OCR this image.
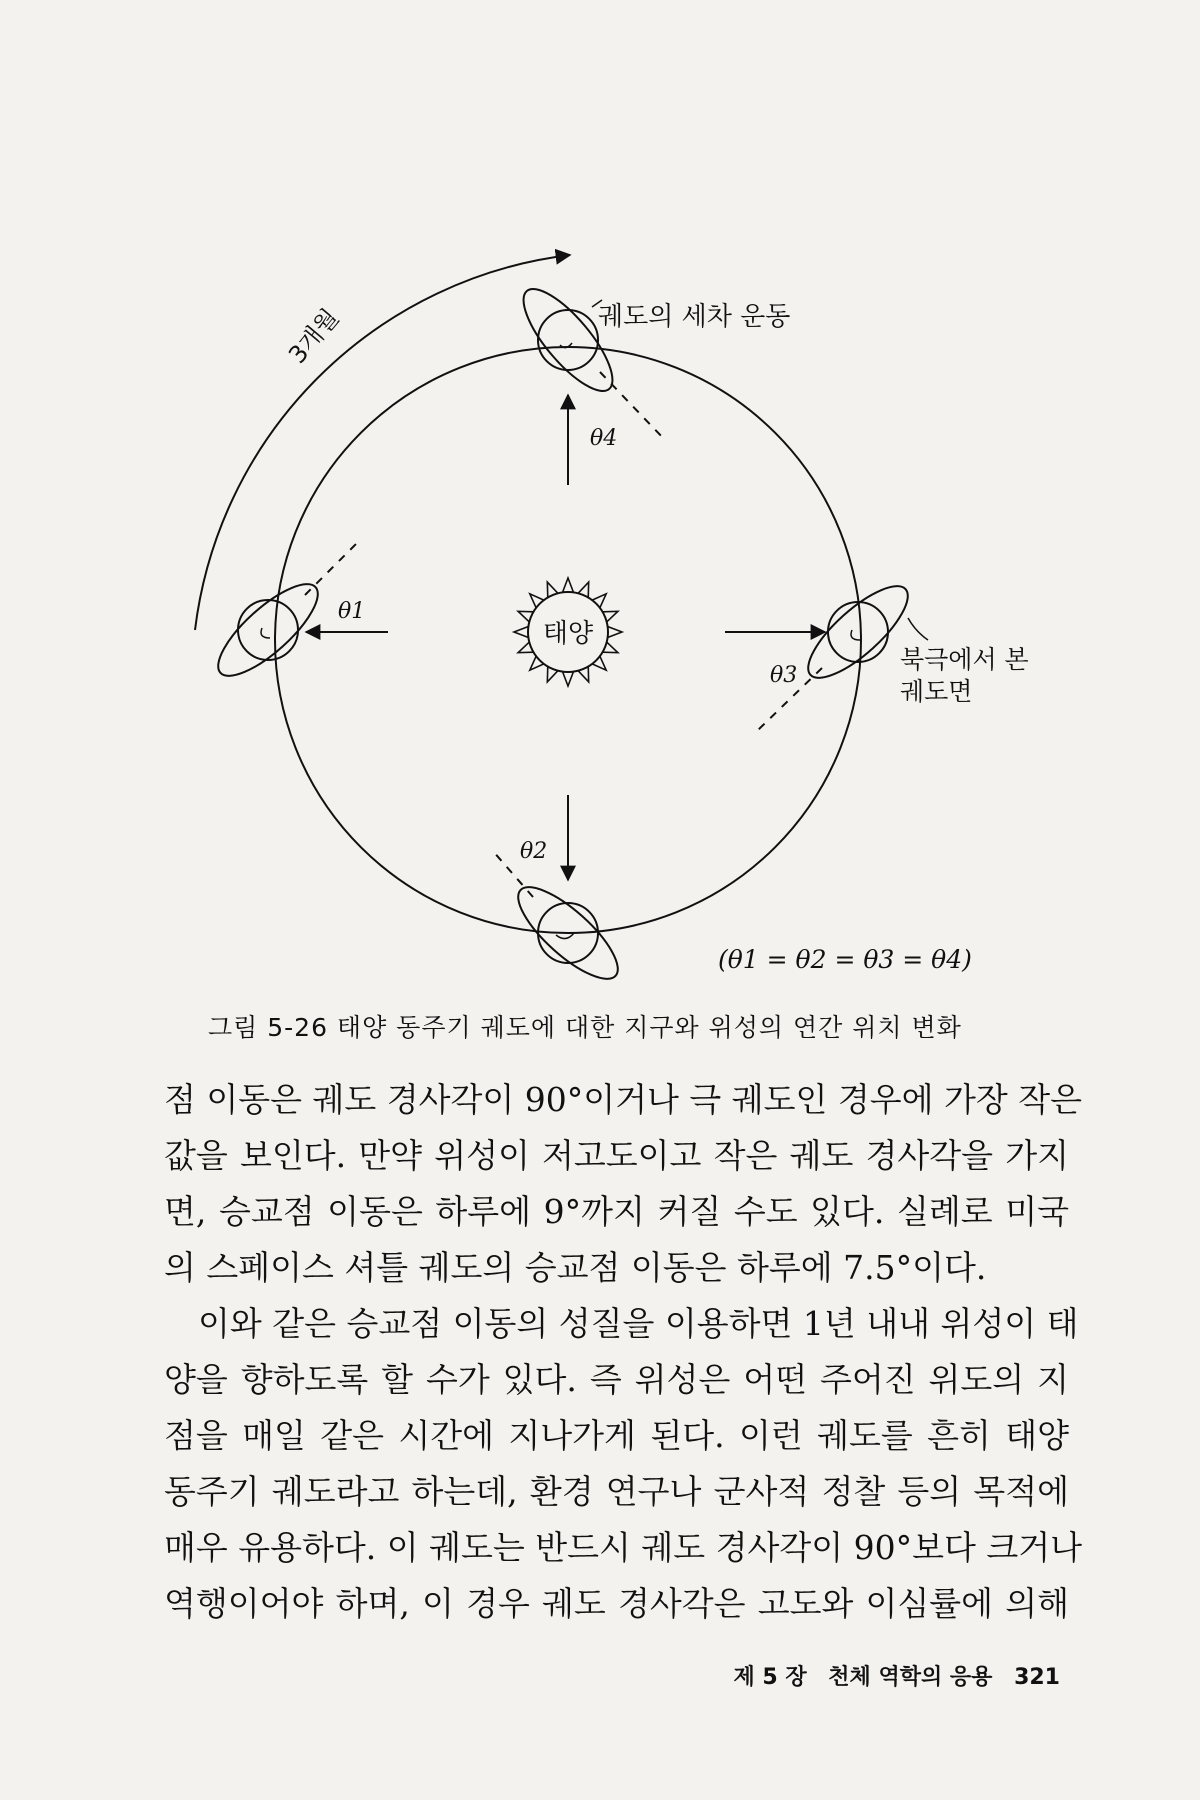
3개월
태양
θ4
궤도의 세차 운동
θ1
θ3
북극에서 본
궤도면
θ2
(θ1 = θ2 = θ3 = θ4)
그림 5-26 태양 동주기 궤도에 대한 지구와 위성의 연간 위치 변화
점 이동은 궤도 경사각이 90°이거나 극 궤도인 경우에 가장 작은
값을 보인다. 만약 위성이 저고도이고 작은 궤도 경사각을 가지
면, 승교점 이동은 하루에 9°까지 커질 수도 있다. 실례로 미국
의 스페이스 셔틀 궤도의 승교점 이동은 하루에 7.5°이다.
이와 같은 승교점 이동의 성질을 이용하면 1년 내내 위성이 태
양을 향하도록 할 수가 있다. 즉 위성은 어떤 주어진 위도의 지
점을 매일 같은 시간에 지나가게 된다. 이런 궤도를 흔히 태양
동주기 궤도라고 하는데, 환경 연구나 군사적 정찰 등의 목적에
매우 유용하다. 이 궤도는 반드시 궤도 경사각이 90°보다 크거나
역행이어야 하며, 이 경우 궤도 경사각은 고도와 이심률에 의해
제 5 장 천체 역학의 응용 321
